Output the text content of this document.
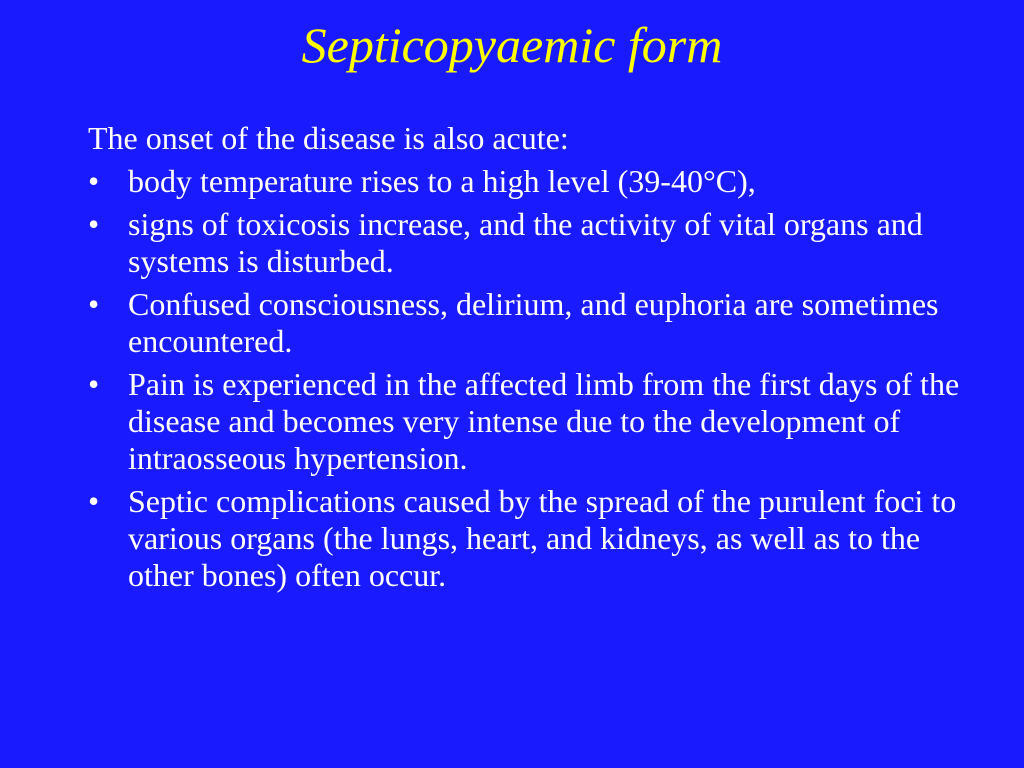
Septicopyaemic form

The onset of the disease is also acute:

• body temperature rises to a high level (39-40°C),
• signs of toxicosis increase, and the activity of vital organs and systems is disturbed.
• Confused consciousness, delirium, and euphoria are sometimes encountered.
• Pain is experienced in the affected limb from the first days of the disease and becomes very intense due to the development of intraosseous hypertension.
• Septic complications caused by the spread of the purulent foci to various organs (the lungs, heart, and kidneys, as well as to the other bones) often occur.
